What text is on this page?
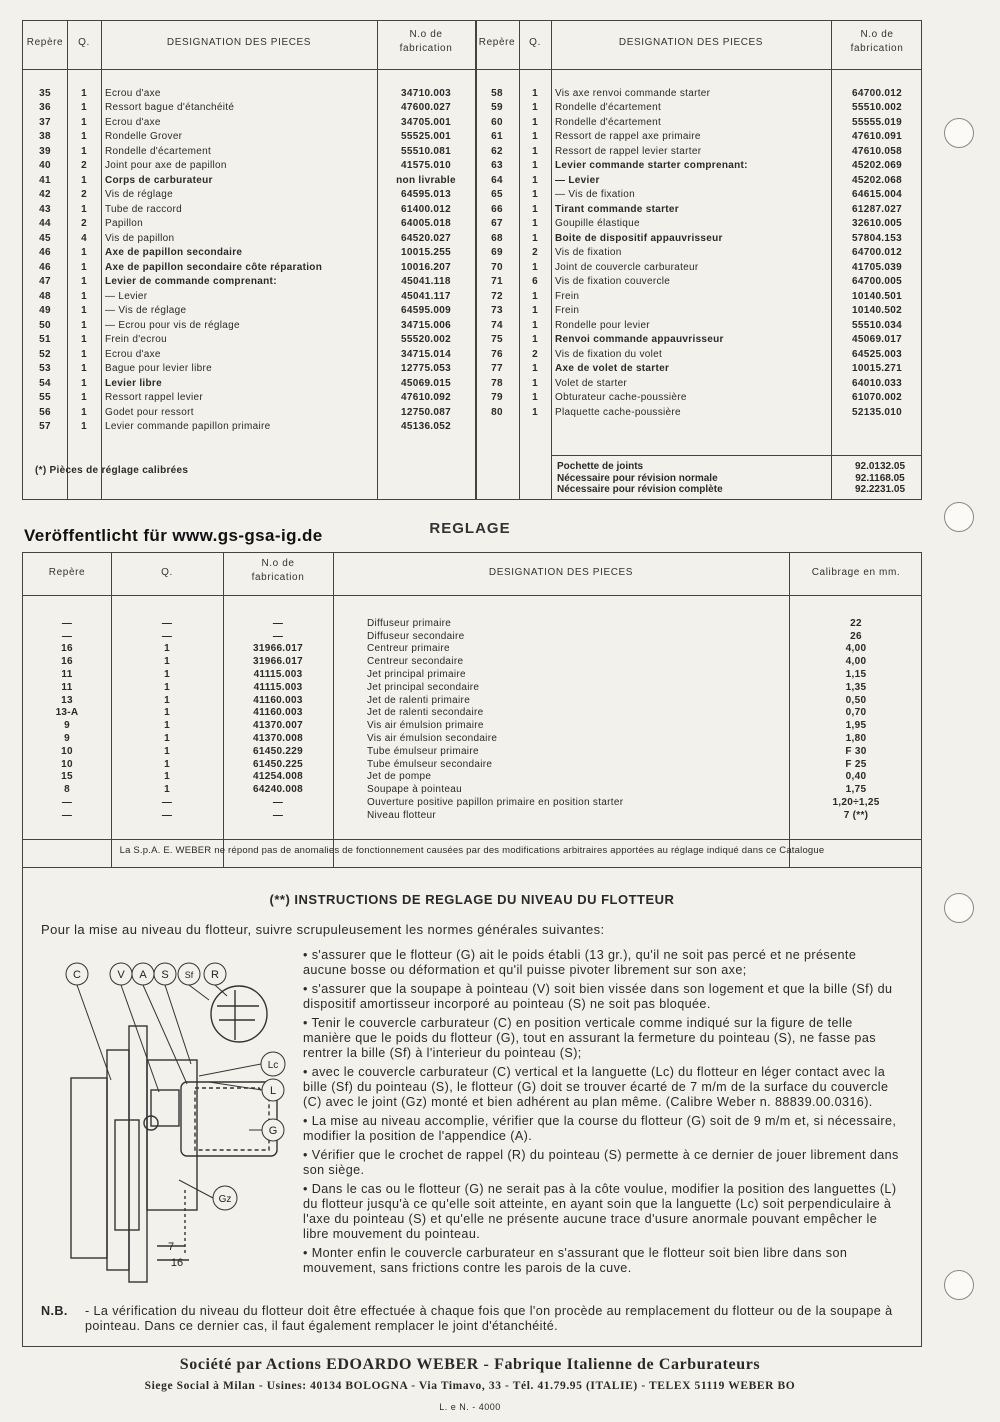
Repère	Q.	DESIGNATION DES PIECES
N.o de
fabrication
Repère	Q.	DESIGNATION DES PIECES
N.o de
fabrication
35	1	Ecrou d'axe	34710.003
36	1	Ressort bague d'étanchéité	47600.027
37	1	Ecrou d'axe	34705.001
38	1	Rondelle Grover	55525.001
39	1	Rondelle d'écartement	55510.081
40	2	Joint pour axe de papillon	41575.010
41	1	Corps de carburateur	non livrable
42	2	Vis de réglage	64595.013
43	1	Tube de raccord	61400.012
44	2	Papillon	64005.018
45	4	Vis de papillon	64520.027
46	1	Axe de papillon secondaire	10015.255
46	1	Axe de papillon secondaire côte réparation	10016.207
47	1	Levier de commande comprenant:	45041.118
48	1	— Levier	45041.117
49	1	— Vis de réglage	64595.009
50	1	— Ecrou pour vis de réglage	34715.006
51	1	Frein d'ecrou	55520.002
52	1	Ecrou d'axe	34715.014
53	1	Bague pour levier libre	12775.053
54	1	Levier libre	45069.015
55	1	Ressort rappel levier	47610.092
56	1	Godet pour ressort	12750.087
57	1	Levier commande papillon primaire	45136.052
58	1	Vis axe renvoi commande starter	64700.012
59	1	Rondelle d'écartement	55510.002
60	1	Rondelle d'écartement	55555.019
61	1	Ressort de rappel axe primaire	47610.091
62	1	Ressort de rappel levier starter	47610.058
63	1	Levier commande starter comprenant:	45202.069
64	1	— Levier	45202.068
65	1	— Vis de fixation	64615.004
66	1	Tirant commande starter	61287.027
67	1	Goupille élastique	32610.005
68	1	Boite de dispositif appauvrisseur	57804.153
69	2	Vis de fixation	64700.012
70	1	Joint de couvercle carburateur	41705.039
71	6	Vis de fixation couvercle	64700.005
72	1	Frein	10140.501
73	1	Frein	10140.502
74	1	Rondelle pour levier	55510.034
75	1	Renvoi commande appauvrisseur	45069.017
76	2	Vis de fixation du volet	64525.003
77	1	Axe de volet de starter	10015.271
78	1	Volet de starter	64010.033
79	1	Obturateur cache-poussière	61070.002
80	1	Plaquette cache-poussière	52135.010
(*) Pièces de réglage calibrées	Pochette de joints	92.0132.05
Nécessaire pour révision normale	92.1168.05
Nécessaire pour révision complète	92.2231.05
Veröffentlicht für www.gs-gsa-ig.de	REGLAGE
Repère	Q.
N.o de
fabrication	DESIGNATION DES PIECES	Calibrage en mm.
—	—	—	Diffuseur primaire	22
—	—	—	Diffuseur secondaire	26
16	1	31966.017	Centreur primaire	4,00
16	1	31966.017	Centreur secondaire	4,00
11	1	41115.003	Jet principal primaire	1,15
11	1	41115.003	Jet principal secondaire	1,35
13	1	41160.003	Jet de ralenti primaire	0,50
13-A	1	41160.003	Jet de ralenti secondaire	0,70
9	1	41370.007	Vis air émulsion primaire	1,95
9	1	41370.008	Vis air émulsion secondaire	1,80
10	1	61450.229	Tube émulseur primaire	F 30
10	1	61450.225	Tube émulseur secondaire	F 25
15	1	41254.008	Jet de pompe	0,40
8	1	64240.008	Soupape à pointeau	1,75
—	—	—	Ouverture positive papillon primaire en position starter	1,20÷1,25
—	—	—	Niveau flotteur	7 (**)
La S.p.A. E. WEBER ne répond pas de anomalies de fonctionnement causées par des modifications arbitraires apportées au réglage indiqué dans ce Catalogue
(**) INSTRUCTIONS DE REGLAGE DU NIVEAU DU FLOTTEUR
Pour la mise au niveau du flotteur, suivre scrupuleusement les normes générales suivantes:
C	V A S Sf R
Lc
L
G
Gz
7
16

• s'assurer que le flotteur (G) ait le poids établi (13 gr.), qu'il ne soit pas percé et ne présente aucune bosse ou déformation et qu'il puisse pivoter librement sur son axe;

• s'assurer que la soupape à pointeau (V) soit bien vissée dans son logement et que la bille (Sf) du dispositif amortisseur incorporé au pointeau (S) ne soit pas bloquée.

• Tenir le couvercle carburateur (C) en position verticale comme indiqué sur la figure de telle manière que le poids du flotteur (G), tout en assurant la fermeture du pointeau (S), ne fasse pas rentrer la bille (Sf) à l'interieur du pointeau (S);

• avec le couvercle carburateur (C) vertical et la languette (Lc) du flotteur en léger contact avec la bille (Sf) du pointeau (S), le flotteur (G) doit se trouver écarté de 7 m/m de la surface du couvercle (C) avec le joint (Gz) monté et bien adhérent au plan même. (Calibre Weber n. 88839.00.0316).

• La mise au niveau accomplie, vérifier que la course du flotteur (G) soit de 9 m/m et, si nécessaire, modifier la position de l'appendice (A).

• Vérifier que le crochet de rappel (R) du pointeau (S) permette à ce dernier de jouer librement dans son siège.

• Dans le cas ou le flotteur (G) ne serait pas à la côte voulue, modifier la position des languettes (L) du flotteur jusqu'à ce qu'elle soit atteinte, en ayant soin que la languette (Lc) soit perpendiculaire à l'axe du pointeau (S) et qu'elle ne présente aucune trace d'usure anormale pouvant empêcher le libre mouvement du pointeau.

• Monter enfin le couvercle carburateur en s'assurant que le flotteur soit bien libre dans son mouvement, sans frictions contre les parois de la cuve.

N.B.	- La vérification du niveau du flotteur doit être effectuée à chaque fois que l'on procède au remplacement du flotteur ou de la soupape à pointeau. Dans ce dernier cas, il faut également remplacer le joint d'étanchéité.
Société par Actions EDOARDO WEBER - Fabrique Italienne de Carburateurs
Siege Social à Milan - Usines: 40134 BOLOGNA - Via Timavo, 33 - Tél. 41.79.95 (ITALIE) - TELEX 51119 WEBER BO
L. e N. - 4000
